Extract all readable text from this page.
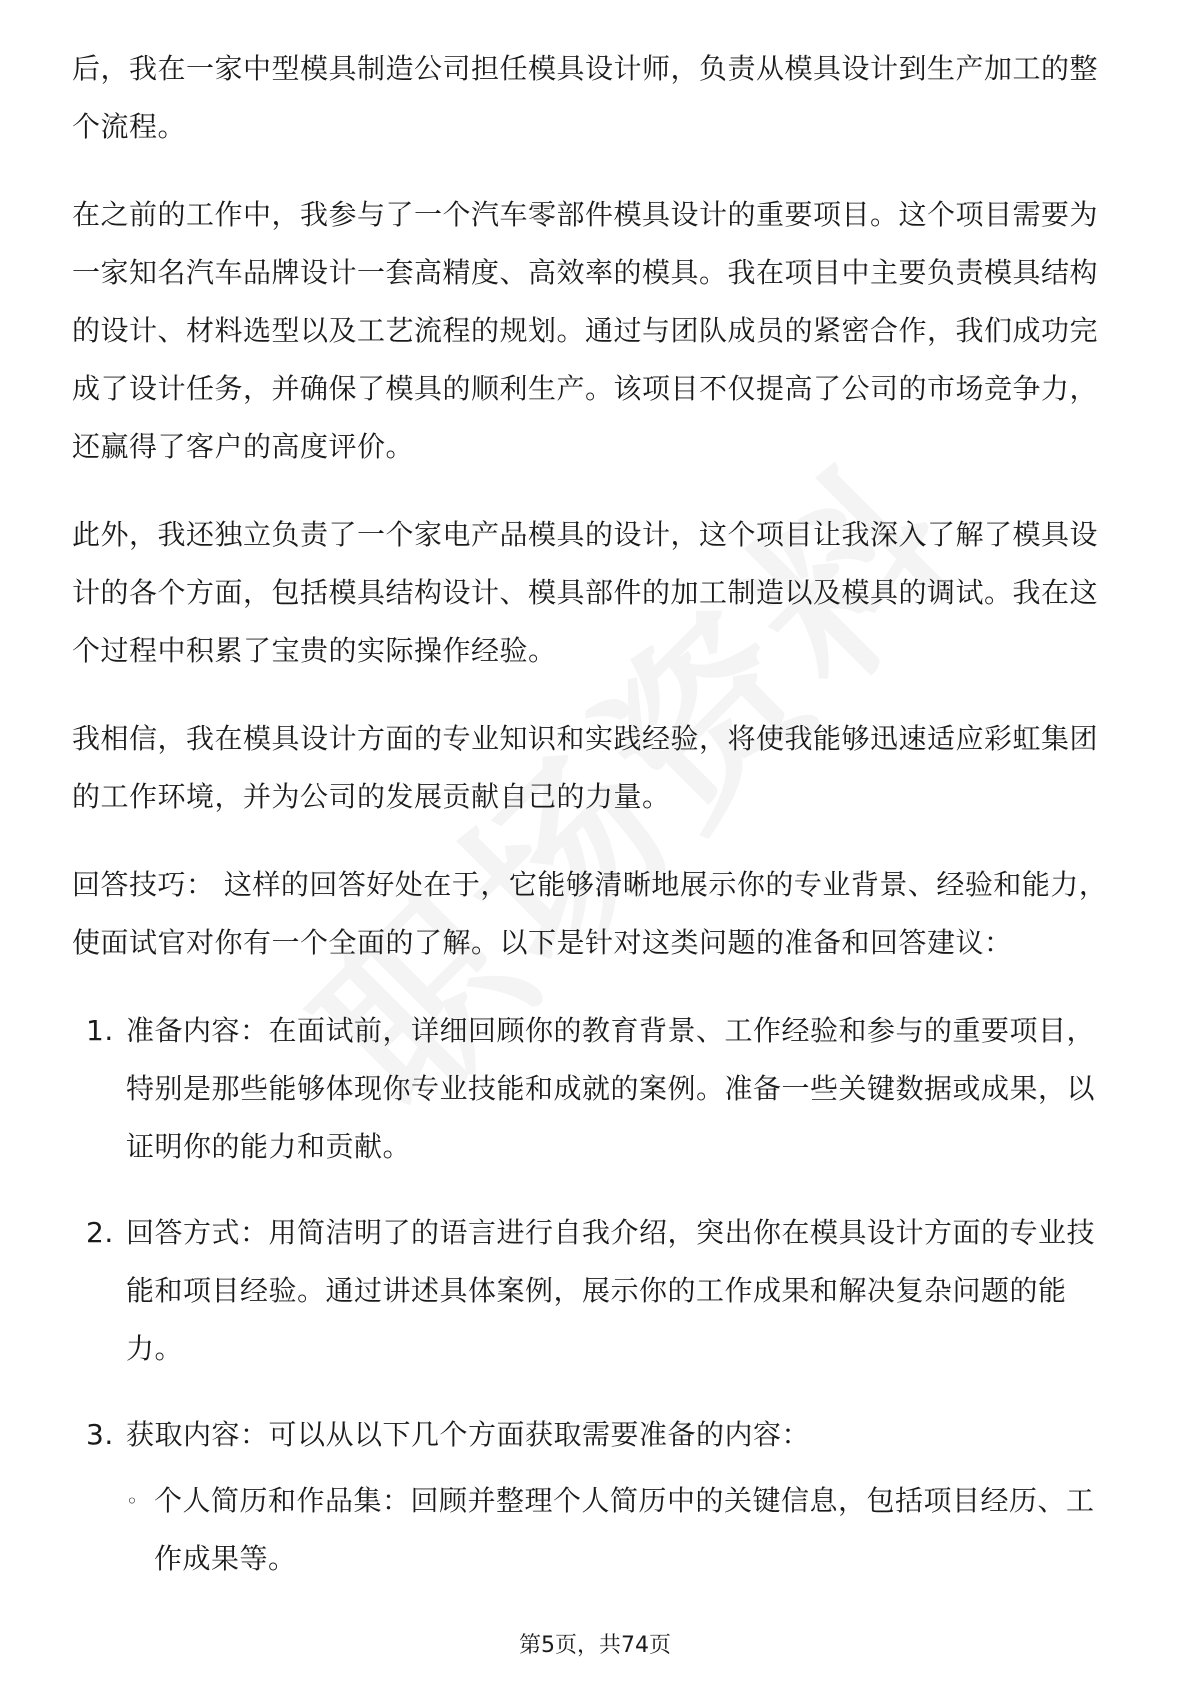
后，我在一家中型模具制造公司担任模具设计师，负责从模具设计到生产加工的整个流程。

在之前的工作中，我参与了一个汽车零部件模具设计的重要项目。这个项目需要为一家知名汽车品牌设计一套高精度、高效率的模具。我在项目中主要负责模具结构的设计、材料选型以及工艺流程的规划。通过与团队成员的紧密合作，我们成功完成了设计任务，并确保了模具的顺利生产。该项目不仅提高了公司的市场竞争力，还赢得了客户的高度评价。

此外，我还独立负责了一个家电产品模具的设计，这个项目让我深入了解了模具设计的各个方面，包括模具结构设计、模具部件的加工制造以及模具的调试。我在这个过程中积累了宝贵的实际操作经验。

我相信，我在模具设计方面的专业知识和实践经验，将使我能够迅速适应彩虹集团的工作环境，并为公司的发展贡献自己的力量。

回答技巧： 这样的回答好处在于，它能够清晰地展示你的专业背景、经验和能力，使面试官对你有一个全面的了解。以下是针对这类问题的准备和回答建议：

1. 准备内容：在面试前，详细回顾你的教育背景、工作经验和参与的重要项目，特别是那些能够体现你专业技能和成就的案例。准备一些关键数据或成果，以证明你的能力和贡献。
2. 回答方式：用简洁明了的语言进行自我介绍，突出你在模具设计方面的专业技能和项目经验。通过讲述具体案例，展示你的工作成果和解决复杂问题的能力。
3. 获取内容：可以从以下几个方面获取需要准备的内容：
◦ 个人简历和作品集：回顾并整理个人简历中的关键信息，包括项目经历、工作成果等。
第5页，共74页
